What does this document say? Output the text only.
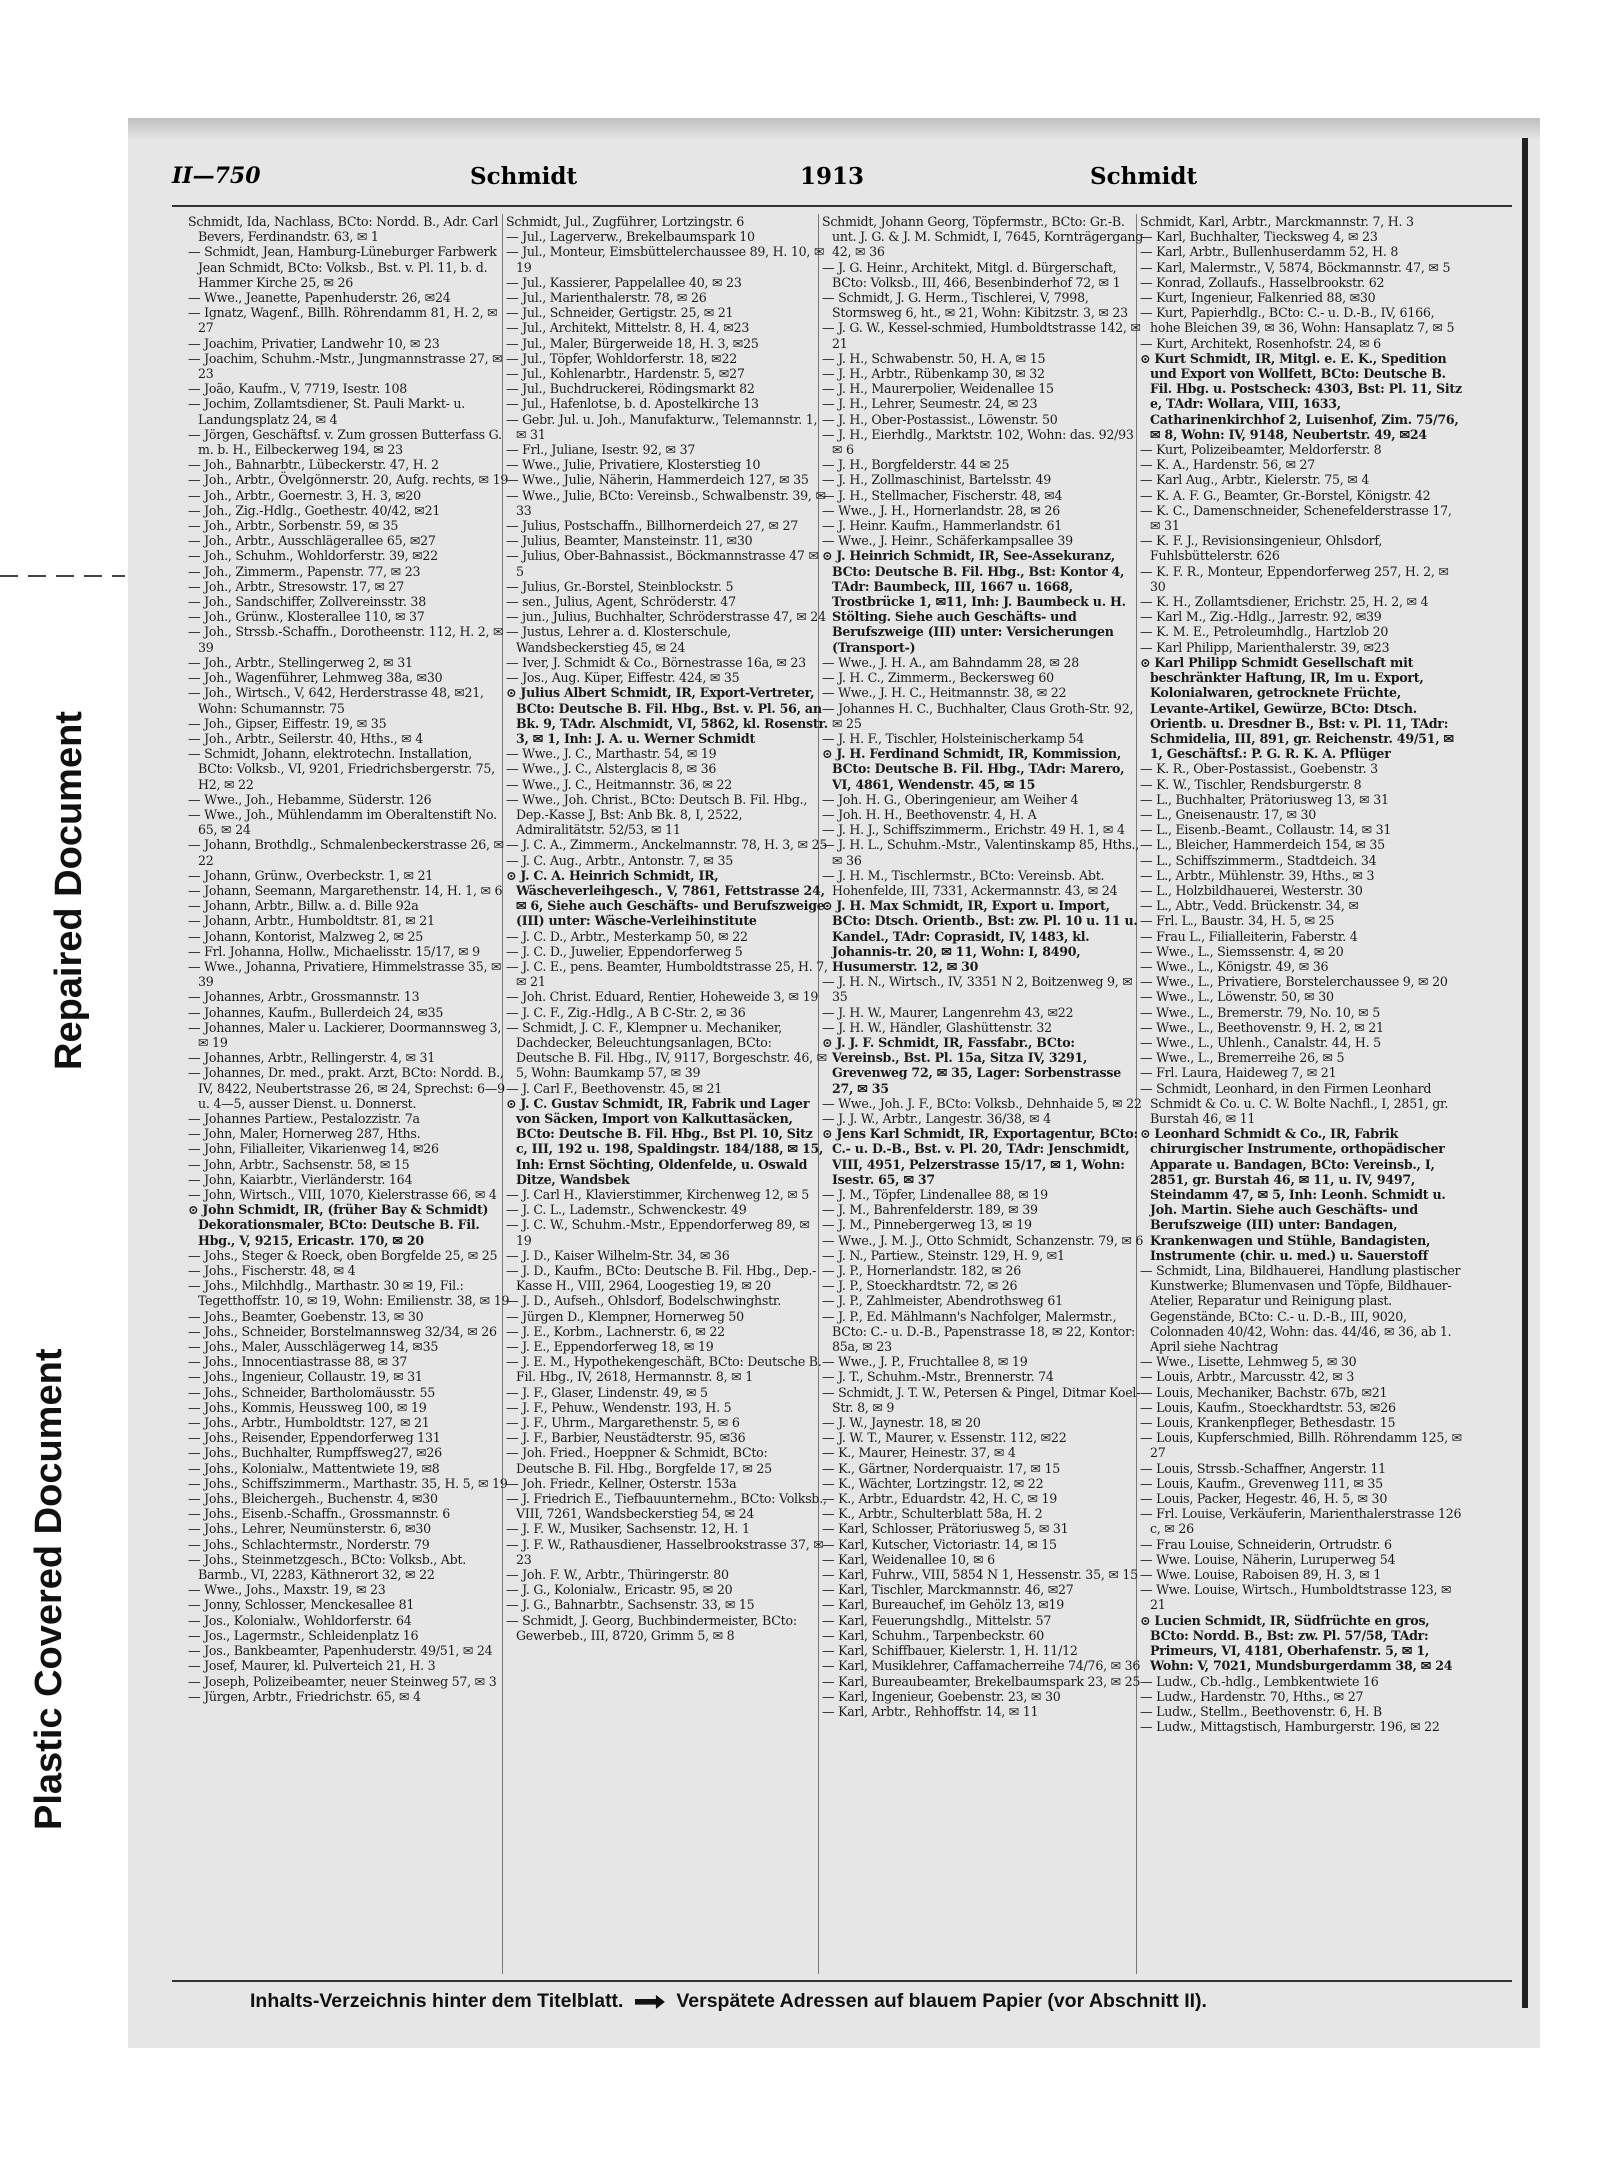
Plastic Covered Document
Repaired Document
II—750	Schmidt	1913	Schmidt

Schmidt, Ida, Nachlass, BCto: Nordd. B., Adr. Carl Bevers, Ferdinandstr. 63, ✉ 1

— Schmidt, Jean, Hamburg-Lüneburger Farbwerk Jean Schmidt, BCto: Volksb., Bst. v. Pl. 11, b. d. Hammer Kirche 25, ✉ 26

— Wwe., Jeanette, Papenhuderstr. 26, ✉24

— Ignatz, Wagenf., Billh. Röhrendamm 81, H. 2, ✉ 27

— Joachim, Privatier, Landwehr 10, ✉ 23

— Joachim, Schuhm.-Mstr., Jungmannstrasse 27, ✉ 23

— João, Kaufm., V, 7719, Isestr. 108

— Jochim, Zollamtsdiener, St. Pauli Markt- u. Landungsplatz 24, ✉ 4

— Jörgen, Geschäftsf. v. Zum grossen Butterfass G. m. b. H., Eilbeckerweg 194, ✉ 23

— Joh., Bahnarbtr., Lübeckerstr. 47, H. 2

— Joh., Arbtr., Övelgönnerstr. 20, Aufg. rechts, ✉ 19

— Joh., Arbtr., Goernestr. 3, H. 3, ✉20

— Joh., Zig.-Hdlg., Goethestr. 40/42, ✉21

— Joh., Arbtr., Sorbenstr. 59, ✉ 35

— Joh., Arbtr., Ausschlägerallee 65, ✉27

— Joh., Schuhm., Wohldorferstr. 39, ✉22

— Joh., Zimmerm., Papenstr. 77, ✉ 23

— Joh., Arbtr., Stresowstr. 17, ✉ 27

— Joh., Sandschiffer, Zollvereinsstr. 38

— Joh., Grünw., Klosterallee 110, ✉ 37

— Joh., Strssb.-Schaffn., Dorotheenstr. 112, H. 2, ✉ 39

— Joh., Arbtr., Stellingerweg 2, ✉ 31

— Joh., Wagenführer, Lehmweg 38a, ✉30

— Joh., Wirtsch., V, 642, Herderstrasse 48, ✉21, Wohn: Schumannstr. 75

— Joh., Gipser, Eiffestr. 19, ✉ 35

— Joh., Arbtr., Seilerstr. 40, Hths., ✉ 4

— Schmidt, Johann, elektrotechn. Installation, BCto: Volksb., VI, 9201, Friedrichsbergerstr. 75, H2, ✉ 22

— Wwe., Joh., Hebamme, Süderstr. 126

— Wwe., Joh., Mühlendamm im Oberaltenstift No. 65, ✉ 24

— Johann, Brothdlg., Schmalenbeckerstrasse 26, ✉ 22

— Johann, Grünw., Overbeckstr. 1, ✉ 21

— Johann, Seemann, Margarethenstr. 14, H. 1, ✉ 6

— Johann, Arbtr., Billw. a. d. Bille 92a

— Johann, Arbtr., Humboldtstr. 81, ✉ 21

— Johann, Kontorist, Malzweg 2, ✉ 25

— Frl. Johanna, Hollw., Michaelisstr. 15/17, ✉ 9

— Wwe., Johanna, Privatiere, Himmelstrasse 35, ✉ 39

— Johannes, Arbtr., Grossmannstr. 13

— Johannes, Kaufm., Bullerdeich 24, ✉35

— Johannes, Maler u. Lackierer, Doormannsweg 3, ✉ 19

— Johannes, Arbtr., Rellingerstr. 4, ✉ 31

— Johannes, Dr. med., prakt. Arzt, BCto: Nordd. B., IV, 8422, Neubertstrasse 26, ✉ 24, Sprechst: 6—9 u. 4—5, ausser Dienst. u. Donnerst.

— Johannes Partiew., Pestalozzistr. 7a

— John, Maler, Hornerweg 287, Hths.

— John, Filialleiter, Vikarienweg 14, ✉26

— John, Arbtr., Sachsenstr. 58, ✉ 15

— John, Kaiarbtr., Vierländerstr. 164

— John, Wirtsch., VIII, 1070, Kielerstrasse 66, ✉ 4

⊙ John Schmidt, IR, (früher Bay & Schmidt) Dekorationsmaler, BCto: Deutsche B. Fil. Hbg., V, 9215, Ericastr. 170, ✉ 20

— Johs., Steger & Roeck, oben Borgfelde 25, ✉ 25

— Johs., Fischerstr. 48, ✉ 4

— Johs., Milchhdlg., Marthastr. 30 ✉ 19, Fil.: Tegetthoffstr. 10, ✉ 19, Wohn: Emilienstr. 38, ✉ 19

— Johs., Beamter, Goebenstr. 13, ✉ 30

— Johs., Schneider, Borstelmannsweg 32/34, ✉ 26

— Johs., Maler, Ausschlägerweg 14, ✉35

— Johs., Innocentiastrasse 88, ✉ 37

— Johs., Ingenieur, Collaustr. 19, ✉ 31

— Johs., Schneider, Bartholomäusstr. 55

— Johs., Kommis, Heussweg 100, ✉ 19

— Johs., Arbtr., Humboldtstr. 127, ✉ 21

— Johs., Reisender, Eppendorferweg 131

— Johs., Buchhalter, Rumpffsweg27, ✉26

— Johs., Kolonialw., Mattentwiete 19, ✉8

— Johs., Schiffszimmerm., Marthastr. 35, H. 5, ✉ 19

— Johs., Bleichergeh., Buchenstr. 4, ✉30

— Johs., Eisenb.-Schaffn., Grossmannstr. 6

— Johs., Lehrer, Neumünsterstr. 6, ✉30

— Johs., Schlachtermstr., Norderstr. 79

— Johs., Steinmetzgesch., BCto: Volksb., Abt. Barmb., VI, 2283, Käthnerort 32, ✉ 22

— Wwe., Johs., Maxstr. 19, ✉ 23

— Jonny, Schlosser, Menckesallee 81

— Jos., Kolonialw., Wohldorferstr. 64

— Jos., Lagermstr., Schleidenplatz 16

— Jos., Bankbeamter, Papenhuderstr. 49/51, ✉ 24

— Josef, Maurer, kl. Pulverteich 21, H. 3

— Joseph, Polizeibeamter, neuer Steinweg 57, ✉ 3

— Jürgen, Arbtr., Friedrichstr. 65, ✉ 4

Schmidt, Jul., Zugführer, Lortzingstr. 6

— Jul., Lagerverw., Brekelbaumspark 10

— Jul., Monteur, Eimsbüttelerchaussee 89, H. 10, ✉ 19

— Jul., Kassierer, Pappelallee 40, ✉ 23

— Jul., Marienthalerstr. 78, ✉ 26

— Jul., Schneider, Gertigstr. 25, ✉ 21

— Jul., Architekt, Mittelstr. 8, H. 4, ✉23

— Jul., Maler, Bürgerweide 18, H. 3, ✉25

— Jul., Töpfer, Wohldorferstr. 18, ✉22

— Jul., Kohlenarbtr., Hardenstr. 5, ✉27

— Jul., Buchdruckerei, Rödingsmarkt 82

— Jul., Hafenlotse, b. d. Apostelkirche 13

— Gebr. Jul. u. Joh., Manufakturw., Telemannstr. 1, ✉ 31

— Frl., Juliane, Isestr. 92, ✉ 37

— Wwe., Julie, Privatiere, Klosterstieg 10

— Wwe., Julie, Näherin, Hammerdeich 127, ✉ 35

— Wwe., Julie, BCto: Vereinsb., Schwalbenstr. 39, ✉ 33

— Julius, Postschaffn., Billhornerdeich 27, ✉ 27

— Julius, Beamter, Mansteinstr. 11, ✉30

— Julius, Ober-Bahnassist., Böckmannstrasse 47 ✉ 5

— Julius, Gr.-Borstel, Steinblockstr. 5

— sen., Julius, Agent, Schröderstr. 47

— jun., Julius, Buchhalter, Schröderstrasse 47, ✉ 24

— Justus, Lehrer a. d. Klosterschule, Wandsbeckerstieg 45, ✉ 24

— Iver, J. Schmidt & Co., Börnestrasse 16a, ✉ 23

— Jos., Aug. Küper, Eiffestr. 424, ✉ 35

⊙ Julius Albert Schmidt, IR, Export-Vertreter, BCto: Deutsche B. Fil. Hbg., Bst. v. Pl. 56, an Bk. 9, TAdr. Alschmidt, VI, 5862, kl. Rosenstr. 3, ✉ 1, Inh: J. A. u. Werner Schmidt

— Wwe., J. C., Marthastr. 54, ✉ 19

— Wwe., J. C., Alsterglacis 8, ✉ 36

— Wwe., J. C., Heitmannstr. 36, ✉ 22

— Wwe., Joh. Christ., BCto: Deutsch B. Fil. Hbg., Dep.-Kasse J, Bst: Anb Bk. 8, I, 2522, Admiralitätstr. 52/53, ✉ 11

— J. C. A., Zimmerm., Anckelmannstr. 78, H. 3, ✉ 25

— J. C. Aug., Arbtr., Antonstr. 7, ✉ 35

⊙ J. C. A. Heinrich Schmidt, IR, Wäscheverleihgesch., V, 7861, Fettstrasse 24, ✉ 6, Siehe auch Geschäfts- und Berufszweige (III) unter: Wäsche-Verleihinstitute

— J. C. D., Arbtr., Mesterkamp 50, ✉ 22

— J. C. D., Juwelier, Eppendorferweg 5

— J. C. E., pens. Beamter, Humboldtstrasse 25, H. 7, ✉ 21

— Joh. Christ. Eduard, Rentier, Hoheweide 3, ✉ 19

— J. C. F., Zig.-Hdlg., A B C-Str. 2, ✉ 36

— Schmidt, J. C. F., Klempner u. Mechaniker, Dachdecker, Beleuchtungsanlagen, BCto: Deutsche B. Fil. Hbg., IV, 9117, Borgeschstr. 46, ✉ 5, Wohn: Baumkamp 57, ✉ 39

— J. Carl F., Beethovenstr. 45, ✉ 21

⊙ J. C. Gustav Schmidt, IR, Fabrik und Lager von Säcken, Import von Kalkuttasäcken, BCto: Deutsche B. Fil. Hbg., Bst Pl. 10, Sitz c, III, 192 u. 198, Spaldingstr. 184/188, ✉ 15, Inh: Ernst Söchting, Oldenfelde, u. Oswald Ditze, Wandsbek

— J. Carl H., Klavierstimmer, Kirchenweg 12, ✉ 5

— J. C. L., Lademstr., Schwenckestr. 49

— J. C. W., Schuhm.-Mstr., Eppendorferweg 89, ✉ 19

— J. D., Kaiser Wilhelm-Str. 34, ✉ 36

— J. D., Kaufm., BCto: Deutsche B. Fil. Hbg., Dep.-Kasse H., VIII, 2964, Loogestieg 19, ✉ 20

— J. D., Aufseh., Ohlsdorf, Bodelschwinghstr.

— Jürgen D., Klempner, Hornerweg 50

— J. E., Korbm., Lachnerstr. 6, ✉ 22

— J. E., Eppendorferweg 18, ✉ 19

— J. E. M., Hypothekengeschäft, BCto: Deutsche B. Fil. Hbg., IV, 2618, Hermannstr. 8, ✉ 1

— J. F., Glaser, Lindenstr. 49, ✉ 5

— J. F., Pehuw., Wendenstr. 193, H. 5

— J. F., Uhrm., Margarethenstr. 5, ✉ 6

— J. F., Barbier, Neustädterstr. 95, ✉36

— Joh. Fried., Hoeppner & Schmidt, BCto: Deutsche B. Fil. Hbg., Borgfelde 17, ✉ 25

— Joh. Friedr., Kellner, Osterstr. 153a

— J. Friedrich E., Tiefbauunternehm., BCto: Volksb., VIII, 7261, Wandsbeckerstieg 54, ✉ 24

— J. F. W., Musiker, Sachsenstr. 12, H. 1

— J. F. W., Rathausdiener, Hasselbrookstrasse 37, ✉ 23

— Joh. F. W., Arbtr., Thüringerstr. 80

— J. G., Kolonialw., Ericastr. 95, ✉ 20

— J. G., Bahnarbtr., Sachsenstr. 33, ✉ 15

— Schmidt, J. Georg, Buchbindermeister, BCto: Gewerbeb., III, 8720, Grimm 5, ✉ 8

Schmidt, Johann Georg, Töpfermstr., BCto: Gr.-B. unt. J. G. & J. M. Schmidt, I, 7645, Kornträgergang 42, ✉ 36

— J. G. Heinr., Architekt, Mitgl. d. Bürgerschaft, BCto: Volksb., III, 466, Besenbinderhof 72, ✉ 1

— Schmidt, J. G. Herm., Tischlerei, V, 7998, Stormsweg 6, ht., ✉ 21, Wohn: Kibitzstr. 3, ✉ 23

— J. G. W., Kessel-schmied, Humboldtstrasse 142, ✉ 21

— J. H., Schwabenstr. 50, H. A, ✉ 15

— J. H., Arbtr., Rübenkamp 30, ✉ 32

— J. H., Maurerpolier, Weidenallee 15

— J. H., Lehrer, Seumestr. 24, ✉ 23

— J. H., Ober-Postassist., Löwenstr. 50

— J. H., Eierhdlg., Marktstr. 102, Wohn: das. 92/93 ✉ 6

— J. H., Borgfelderstr. 44 ✉ 25

— J. H., Zollmaschinist, Bartelsstr. 49

— J. H., Stellmacher, Fischerstr. 48, ✉4

— Wwe., J. H., Hornerlandstr. 28, ✉ 26

— J. Heinr. Kaufm., Hammerlandstr. 61

— Wwe., J. Heinr., Schäferkampsallee 39

⊙ J. Heinrich Schmidt, IR, See-Assekuranz, BCto: Deutsche B. Fil. Hbg., Bst: Kontor 4, TAdr: Baumbeck, III, 1667 u. 1668, Trostbrücke 1, ✉11, Inh: J. Baumbeck u. H. Stölting. Siehe auch Geschäfts- und Berufszweige (III) unter: Versicherungen (Transport-)

— Wwe., J. H. A., am Bahndamm 28, ✉ 28

— J. H. C., Zimmerm., Beckersweg 60

— Wwe., J. H. C., Heitmannstr. 38, ✉ 22

— Johannes H. C., Buchhalter, Claus Groth-Str. 92, ✉ 25

— J. H. F., Tischler, Holsteinischerkamp 54

⊙ J. H. Ferdinand Schmidt, IR, Kommission, BCto: Deutsche B. Fil. Hbg., TAdr: Marero, VI, 4861, Wendenstr. 45, ✉ 15

— Joh. H. G., Oberingenieur, am Weiher 4

— Joh. H. H., Beethovenstr. 4, H. A

— J. H. J., Schiffszimmerm., Erichstr. 49 H. 1, ✉ 4

— J. H. L., Schuhm.-Mstr., Valentinskamp 85, Hths., ✉ 36

— J. H. M., Tischlermstr., BCto: Vereinsb. Abt. Hohenfelde, III, 7331, Ackermannstr. 43, ✉ 24

⊙ J. H. Max Schmidt, IR, Export u. Import, BCto: Dtsch. Orientb., Bst: zw. Pl. 10 u. 11 u. Kandel., TAdr: Coprasidt, IV, 1483, kl. Johannis-tr. 20, ✉ 11, Wohn: I, 8490, Husumerstr. 12, ✉ 30

— J. H. N., Wirtsch., IV, 3351 N 2, Boitzenweg 9, ✉ 35

— J. H. W., Maurer, Langenrehm 43, ✉22

— J. H. W., Händler, Glashüttenstr. 32

⊙ J. J. F. Schmidt, IR, Fassfabr., BCto: Vereinsb., Bst. Pl. 15a, Sitza IV, 3291, Grevenweg 72, ✉ 35, Lager: Sorbenstrasse 27, ✉ 35

— Wwe., Joh. J. F., BCto: Volksb., Dehnhaide 5, ✉ 22

— J. J. W., Arbtr., Langestr. 36/38, ✉ 4

⊙ Jens Karl Schmidt, IR, Exportagentur, BCto: C.- u. D.-B., Bst. v. Pl. 20, TAdr: Jenschmidt, VIII, 4951, Pelzerstrasse 15/17, ✉ 1, Wohn: Isestr. 65, ✉ 37

— J. M., Töpfer, Lindenallee 88, ✉ 19

— J. M., Bahrenfelderstr. 189, ✉ 39

— J. M., Pinnebergerweg 13, ✉ 19

— Wwe., J. M. J., Otto Schmidt, Schanzenstr. 79, ✉ 6

— J. N., Partiew., Steinstr. 129, H. 9, ✉1

— J. P., Hornerlandstr. 182, ✉ 26

— J. P., Stoeckhardtstr. 72, ✉ 26

— J. P., Zahlmeister, Abendrothsweg 61

— J. P., Ed. Mählmann's Nachfolger, Malermstr., BCto: C.- u. D.-B., Papenstrasse 18, ✉ 22, Kontor: 85a, ✉ 23

— Wwe., J. P., Fruchtallee 8, ✉ 19

— J. T., Schuhm.-Mstr., Brennerstr. 74

— Schmidt, J. T. W., Petersen & Pingel, Ditmar Koel-Str. 8, ✉ 9

— J. W., Jaynestr. 18, ✉ 20

— J. W. T., Maurer, v. Essenstr. 112, ✉22

— K., Maurer, Heinestr. 37, ✉ 4

— K., Gärtner, Norderquaistr. 17, ✉ 15

— K., Wächter, Lortzingstr. 12, ✉ 22

— K., Arbtr., Eduardstr. 42, H. C, ✉ 19

— K., Arbtr., Schulterblatt 58a, H. 2

— Karl, Schlosser, Prätoriusweg 5, ✉ 31

— Karl, Kutscher, Victoriastr. 14, ✉ 15

— Karl, Weidenallee 10, ✉ 6

— Karl, Fuhrw., VIII, 5854 N 1, Hessenstr. 35, ✉ 15

— Karl, Tischler, Marckmannstr. 46, ✉27

— Karl, Bureauchef, im Gehölz 13, ✉19

— Karl, Feuerungshdlg., Mittelstr. 57

— Karl, Schuhm., Tarpenbeckstr. 60

— Karl, Schiffbauer, Kielerstr. 1, H. 11/12

— Karl, Musiklehrer, Caffamacherreihe 74/76, ✉ 36

— Karl, Bureaubeamter, Brekelbaumspark 23, ✉ 25

— Karl, Ingenieur, Goebenstr. 23, ✉ 30

— Karl, Arbtr., Rehhoffstr. 14, ✉ 11

Schmidt, Karl, Arbtr., Marckmannstr. 7, H. 3

— Karl, Buchhalter, Tiecksweg 4, ✉ 23

— Karl, Arbtr., Bullenhuserdamm 52, H. 8

— Karl, Malermstr., V, 5874, Böckmannstr. 47, ✉ 5

— Konrad, Zollaufs., Hasselbrookstr. 62

— Kurt, Ingenieur, Falkenried 88, ✉30

— Kurt, Papierhdlg., BCto: C.- u. D.-B., IV, 6166, hohe Bleichen 39, ✉ 36, Wohn: Hansaplatz 7, ✉ 5

— Kurt, Architekt, Rosenhofstr. 24, ✉ 6

⊙ Kurt Schmidt, IR, Mitgl. e. E. K., Spedition und Export von Wollfett, BCto: Deutsche B. Fil. Hbg. u. Postscheck: 4303, Bst: Pl. 11, Sitz e, TAdr: Wollara, VIII, 1633, Catharinenkirchhof 2, Luisenhof, Zim. 75/76, ✉ 8, Wohn: IV, 9148, Neubertstr. 49, ✉24

— Kurt, Polizeibeamter, Meldorferstr. 8

— K. A., Hardenstr. 56, ✉ 27

— Karl Aug., Arbtr., Kielerstr. 75, ✉ 4

— K. A. F. G., Beamter, Gr.-Borstel, Königstr. 42

— K. C., Damenschneider, Schenefelderstrasse 17, ✉ 31

— K. F. J., Revisionsingenieur, Ohlsdorf, Fuhlsbüttelerstr. 626

— K. F. R., Monteur, Eppendorferweg 257, H. 2, ✉ 30

— K. H., Zollamtsdiener, Erichstr. 25, H. 2, ✉ 4

— Karl M., Zig.-Hdlg., Jarrestr. 92, ✉39

— K. M. E., Petroleumhdlg., Hartzlob 20

— Karl Philipp, Marienthalerstr. 39, ✉23

⊙ Karl Philipp Schmidt Gesellschaft mit beschränkter Haftung, IR, Im u. Export, Kolonialwaren, getrocknete Früchte, Levante-Artikel, Gewürze, BCto: Dtsch. Orientb. u. Dresdner B., Bst: v. Pl. 11, TAdr: Schmidelia, III, 891, gr. Reichenstr. 49/51, ✉ 1, Geschäftsf.: P. G. R. K. A. Pflüger

— K. R., Ober-Postassist., Goebenstr. 3

— K. W., Tischler, Rendsburgerstr. 8

— L., Buchhalter, Prätoriusweg 13, ✉ 31

— L., Gneisenaustr. 17, ✉ 30

— L., Eisenb.-Beamt., Collaustr. 14, ✉ 31

— L., Bleicher, Hammerdeich 154, ✉ 35

— L., Schiffszimmerm., Stadtdeich. 34

— L., Arbtr., Mühlenstr. 39, Hths., ✉ 3

— L., Holzbildhauerei, Westerstr. 30

— L., Abtr., Vedd. Brückenstr. 34, ✉

— Frl. L., Baustr. 34, H. 5, ✉ 25

— Frau L., Filialleiterin, Faberstr. 4

— Wwe., L., Siemssenstr. 4, ✉ 20

— Wwe., L., Königstr. 49, ✉ 36

— Wwe., L., Privatiere, Borstelerchaussee 9, ✉ 20

— Wwe., L., Löwenstr. 50, ✉ 30

— Wwe., L., Bremerstr. 79, No. 10, ✉ 5

— Wwe., L., Beethovenstr. 9, H. 2, ✉ 21

— Wwe., L., Uhlenh., Canalstr. 44, H. 5

— Wwe., L., Bremerreihe 26, ✉ 5

— Frl. Laura, Haideweg 7, ✉ 21

— Schmidt, Leonhard, in den Firmen Leonhard Schmidt & Co. u. C. W. Bolte Nachfl., I, 2851, gr. Burstah 46, ✉ 11

⊙ Leonhard Schmidt & Co., IR, Fabrik chirurgischer Instrumente, orthopädischer Apparate u. Bandagen, BCto: Vereinsb., I, 2851, gr. Burstah 46, ✉ 11, u. IV, 9497, Steindamm 47, ✉ 5, Inh: Leonh. Schmidt u. Joh. Martin. Siehe auch Geschäfts- und Berufszweige (III) unter: Bandagen, Krankenwagen und Stühle, Bandagisten, Instrumente (chir. u. med.) u. Sauerstoff

— Schmidt, Lina, Bildhauerei, Handlung plastischer Kunstwerke; Blumenvasen und Töpfe, Bildhauer-Atelier, Reparatur und Reinigung plast. Gegenstände, BCto: C.- u. D.-B., III, 9020, Colonnaden 40/42, Wohn: das. 44/46, ✉ 36, ab 1. April siehe Nachtrag

— Wwe., Lisette, Lehmweg 5, ✉ 30

— Louis, Arbtr., Marcusstr. 42, ✉ 3

— Louis, Mechaniker, Bachstr. 67b, ✉21

— Louis, Kaufm., Stoeckhardtstr. 53, ✉26

— Louis, Krankenpfleger, Bethesdastr. 15

— Louis, Kupferschmied, Billh. Röhrendamm 125, ✉ 27

— Louis, Strssb.-Schaffner, Angerstr. 11

— Louis, Kaufm., Grevenweg 111, ✉ 35

— Louis, Packer, Hegestr. 46, H. 5, ✉ 30

— Frl. Louise, Verkäuferin, Marienthalerstrasse 126 c, ✉ 26

— Frau Louise, Schneiderin, Ortrudstr. 6

— Wwe. Louise, Näherin, Luruperweg 54

— Wwe. Louise, Raboisen 89, H. 3, ✉ 1

— Wwe. Louise, Wirtsch., Humboldtstrasse 123, ✉ 21

⊙ Lucien Schmidt, IR, Südfrüchte en gros, BCto: Nordd. B., Bst: zw. Pl. 57/58, TAdr: Primeurs, VI, 4181, Oberhafenstr. 5, ✉ 1, Wohn: V, 7021, Mundsburgerdamm 38, ✉ 24

— Ludw., Cb.-hdlg., Lembkentwiete 16

— Ludw., Hardenstr. 70, Hths., ✉ 27

— Ludw., Stellm., Beethovenstr. 6, H. B

— Ludw., Mittagstisch, Hamburgerstr. 196, ✉ 22

Inhalts-Verzeichnis hinter dem Titelblatt.	Verspätete Adressen auf blauem Papier (vor Abschnitt II).
